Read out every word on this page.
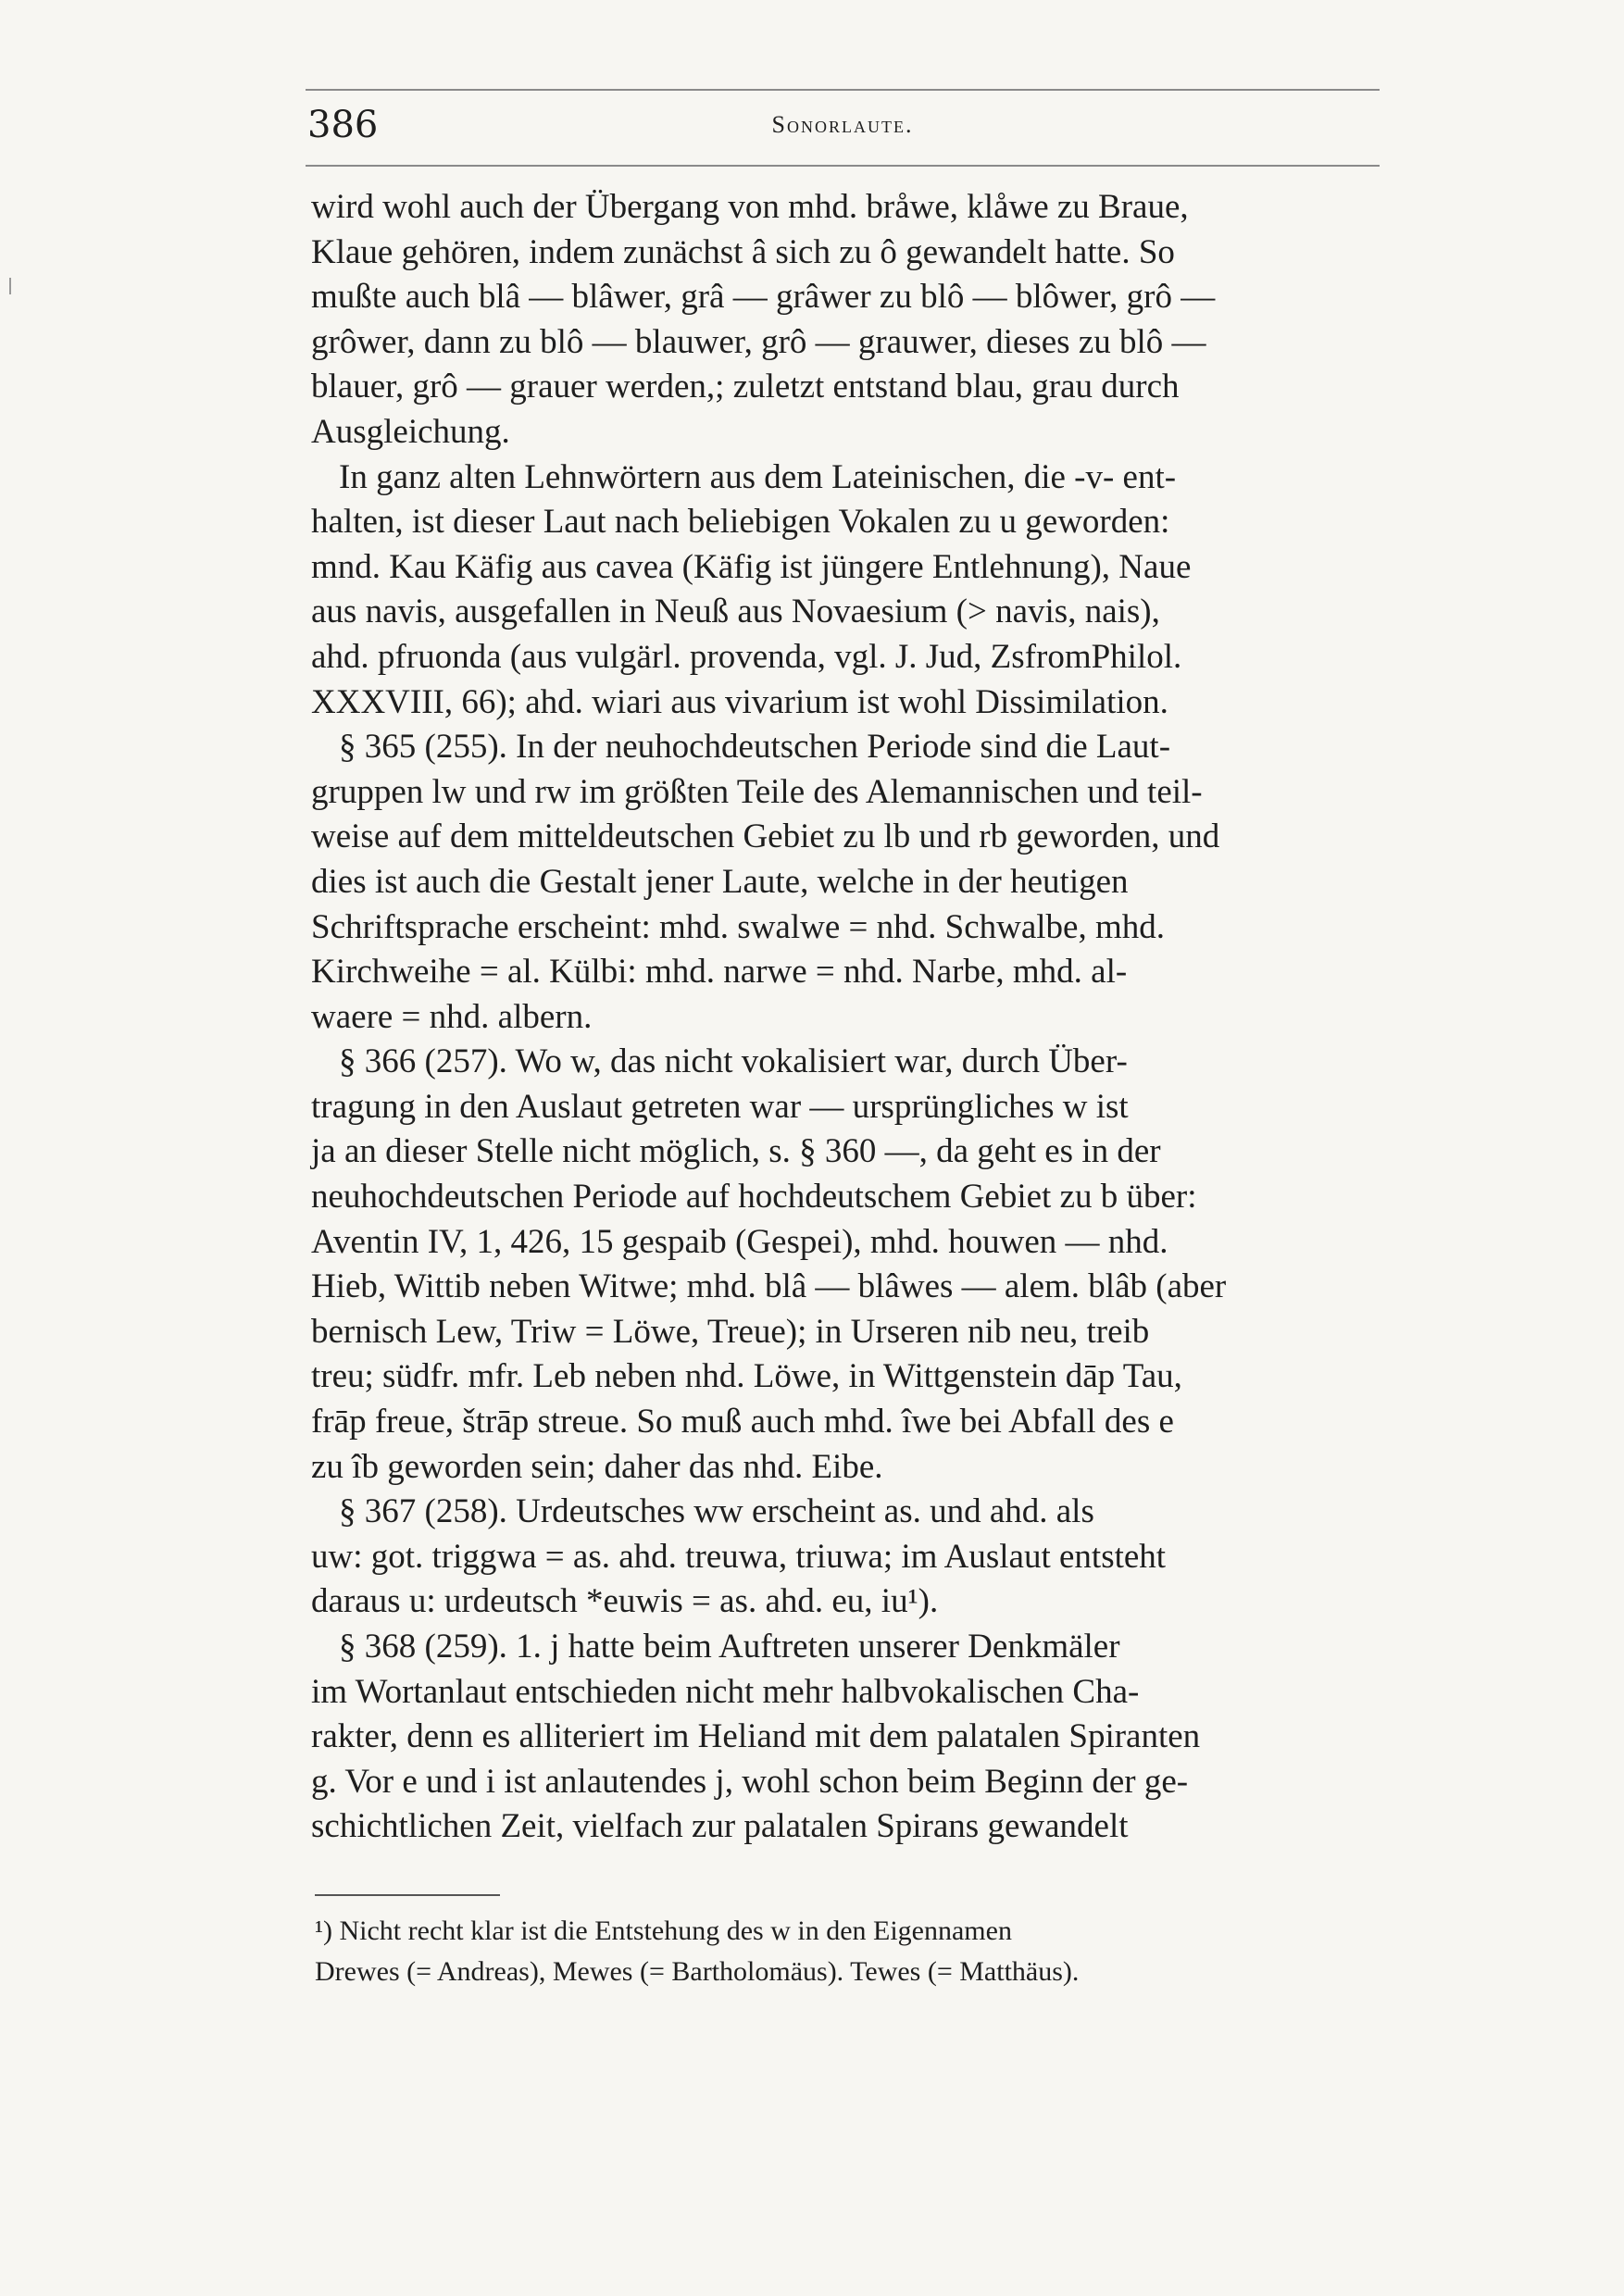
386	Sonorlaute.
wird wohl auch der Übergang von mhd. bråwe, klåwe zu Braue,
Klaue gehören, indem zunächst â sich zu ô gewandelt hatte. So
mußte auch blâ — blâwer, grâ — grâwer zu blô — blôwer, grô —
grôwer, dann zu blô — blauwer, grô — grauwer, dieses zu blô —
blauer, grô — grauer werden,; zuletzt entstand blau, grau durch
Ausgleichung.
In ganz alten Lehnwörtern aus dem Lateinischen, die -v- ent-
halten, ist dieser Laut nach beliebigen Vokalen zu u geworden:
mnd. Kau Käfig aus cavea (Käfig ist jüngere Entlehnung), Naue
aus navis, ausgefallen in Neuß aus Novaesium (> navis, nais),
ahd. pfruonda (aus vulgärl. provenda, vgl. J. Jud, ZsfromPhilol.
XXXVIII, 66); ahd. wiari aus vivarium ist wohl Dissimilation.
§ 365 (255). In der neuhochdeutschen Periode sind die Laut-
gruppen lw und rw im größten Teile des Alemannischen und teil-
weise auf dem mitteldeutschen Gebiet zu lb und rb geworden, und
dies ist auch die Gestalt jener Laute, welche in der heutigen
Schriftsprache erscheint: mhd. swalwe = nhd. Schwalbe, mhd.
Kirchweihe = al. Külbi: mhd. narwe = nhd. Narbe, mhd. al-
waere = nhd. albern.
§ 366 (257). Wo w, das nicht vokalisiert war, durch Über-
tragung in den Auslaut getreten war — ursprüngliches w ist
ja an dieser Stelle nicht möglich, s. § 360 —, da geht es in der
neuhochdeutschen Periode auf hochdeutschem Gebiet zu b über:
Aventin IV, 1, 426, 15 gespaib (Gespei), mhd. houwen — nhd.
Hieb, Wittib neben Witwe; mhd. blâ — blâwes — alem. blâb (aber
bernisch Lew, Triw = Löwe, Treue); in Urseren nib neu, treib
treu; südfr. mfr. Leb neben nhd. Löwe, in Wittgenstein dāp Tau,
frāp freue, štrāp streue. So muß auch mhd. îwe bei Abfall des e
zu îb geworden sein; daher das nhd. Eibe.
§ 367 (258). Urdeutsches ww erscheint as. und ahd. als
uw: got. triggwa = as. ahd. treuwa, triuwa; im Auslaut entsteht
daraus u: urdeutsch *euwis = as. ahd. eu, iu¹).
§ 368 (259). 1. j hatte beim Auftreten unserer Denkmäler
im Wortanlaut entschieden nicht mehr halbvokalischen Cha-
rakter, denn es alliteriert im Heliand mit dem palatalen Spiranten
g. Vor e und i ist anlautendes j, wohl schon beim Beginn der ge-
schichtlichen Zeit, vielfach zur palatalen Spirans gewandelt
¹) Nicht recht klar ist die Entstehung des w in den Eigennamen
Drewes (= Andreas), Mewes (= Bartholomäus). Tewes (= Matthäus).
